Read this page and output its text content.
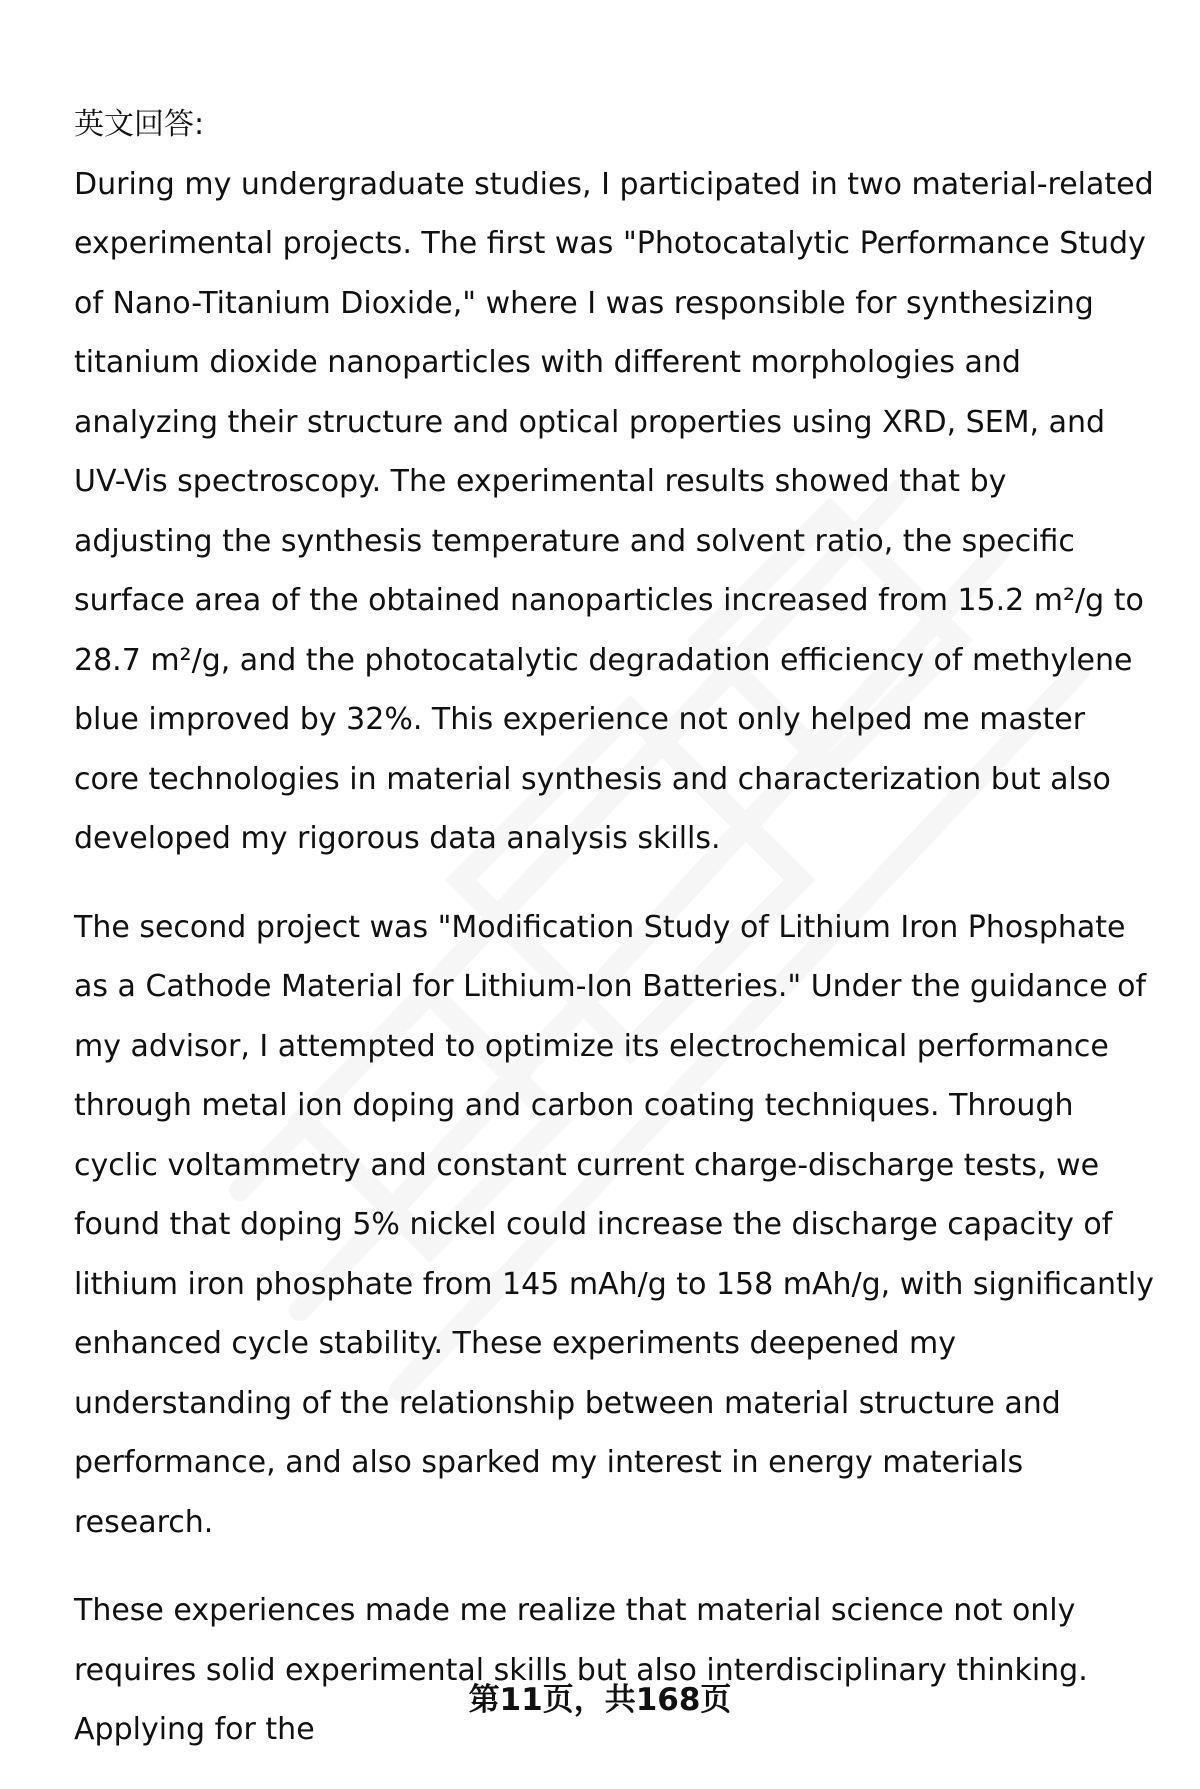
英文回答:

During my undergraduate studies, I participated in two material-related experimental projects. The first was "Photocatalytic Performance Study of Nano-Titanium Dioxide," where I was responsible for synthesizing titanium dioxide nanoparticles with different morphologies and analyzing their structure and optical properties using XRD, SEM, and UV-Vis spectroscopy. The experimental results showed that by adjusting the synthesis temperature and solvent ratio, the specific surface area of the obtained nanoparticles increased from 15.2 m²/g to 28.7 m²/g, and the photocatalytic degradation efficiency of methylene blue improved by 32%. This experience not only helped me master core technologies in material synthesis and characterization but also developed my rigorous data analysis skills.

The second project was "Modification Study of Lithium Iron Phosphate as a Cathode Material for Lithium-Ion Batteries." Under the guidance of my advisor, I attempted to optimize its electrochemical performance through metal ion doping and carbon coating techniques. Through cyclic voltammetry and constant current charge-discharge tests, we found that doping 5% nickel could increase the discharge capacity of lithium iron phosphate from 145 mAh/g to 158 mAh/g, with significantly enhanced cycle stability. These experiments deepened my understanding of the relationship between material structure and performance, and also sparked my interest in energy materials research.

These experiences made me realize that material science not only requires solid experimental skills but also interdisciplinary thinking. Applying for the

第11页，共168页
